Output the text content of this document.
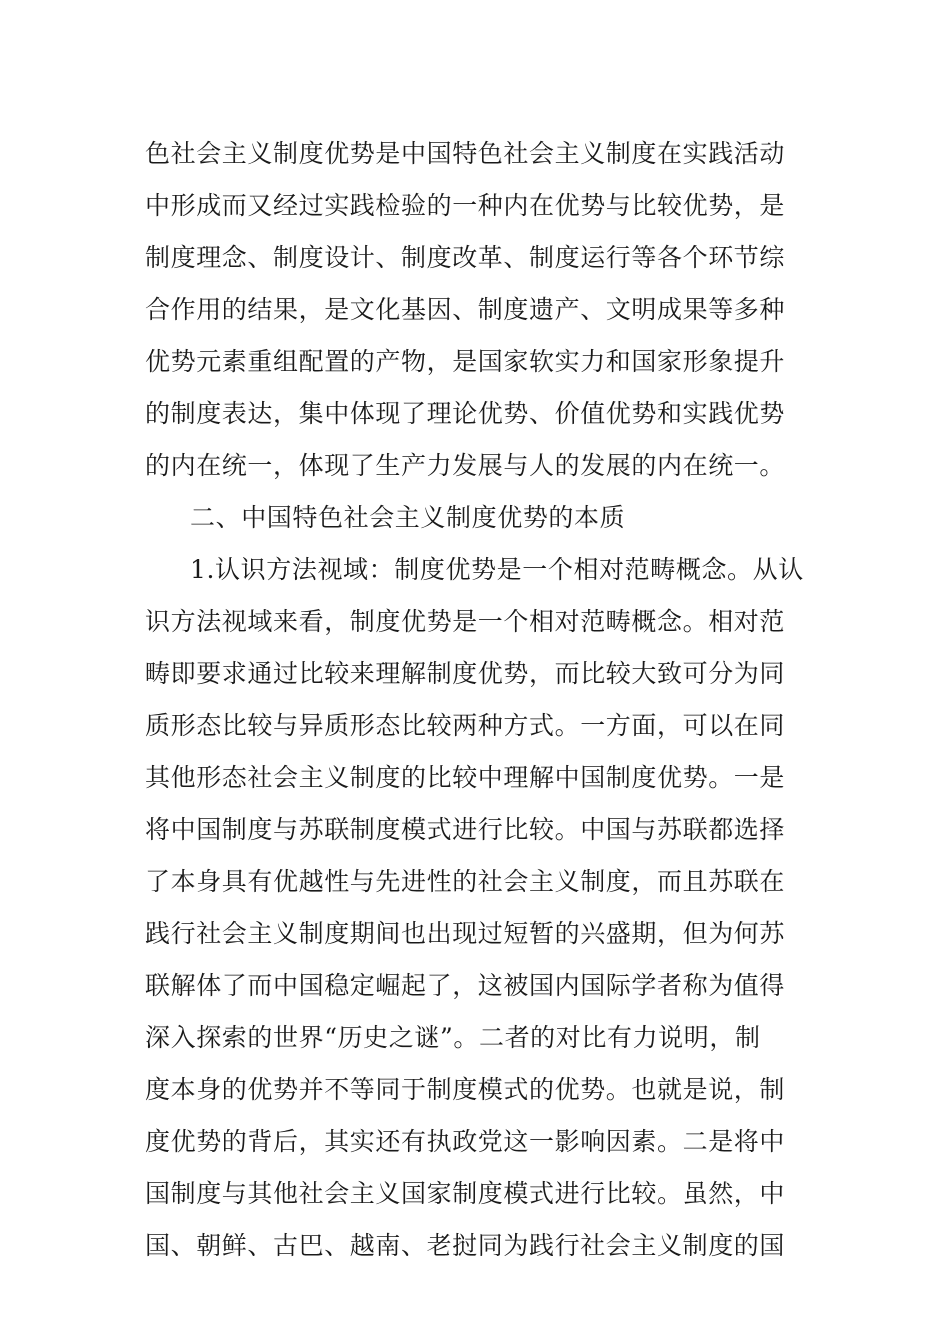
色社会主义制度优势是中国特色社会主义制度在实践活动
中形成而又经过实践检验的一种内在优势与比较优势，是
制度理念、制度设计、制度改革、制度运行等各个环节综
合作用的结果，是文化基因、制度遗产、文明成果等多种
优势元素重组配置的产物，是国家软实力和国家形象提升
的制度表达，集中体现了理论优势、价值优势和实践优势
的内在统一，体现了生产力发展与人的发展的内在统一。
二、中国特色社会主义制度优势的本质
1.认识方法视域：制度优势是一个相对范畴概念。从认
识方法视域来看，制度优势是一个相对范畴概念。相对范
畴即要求通过比较来理解制度优势，而比较大致可分为同
质形态比较与异质形态比较两种方式。一方面，可以在同
其他形态社会主义制度的比较中理解中国制度优势。一是
将中国制度与苏联制度模式进行比较。中国与苏联都选择
了本身具有优越性与先进性的社会主义制度，而且苏联在
践行社会主义制度期间也出现过短暂的兴盛期，但为何苏
联解体了而中国稳定崛起了，这被国内国际学者称为值得
深入探索的世界“历史之谜”。二者的对比有力说明，制
度本身的优势并不等同于制度模式的优势。也就是说，制
度优势的背后，其实还有执政党这一影响因素。二是将中
国制度与其他社会主义国家制度模式进行比较。虽然，中
国、朝鲜、古巴、越南、老挝同为践行社会主义制度的国
